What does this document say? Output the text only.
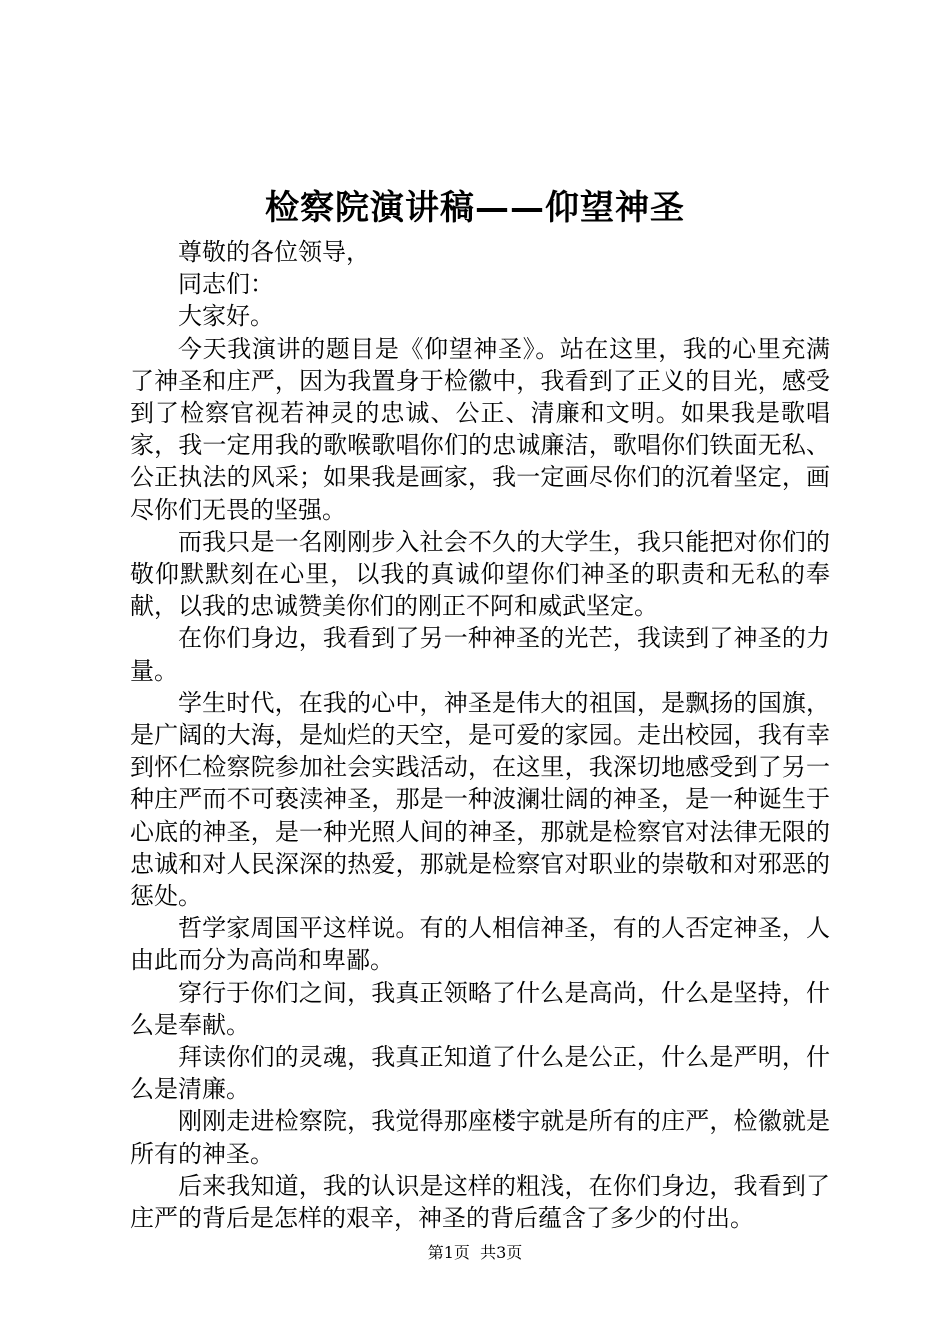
检察院演讲稿——仰望神圣

尊敬的各位领导，

同志们：

大家好。

今天我演讲的题目是《仰望神圣》。站在这里，我的心里充满了神圣和庄严，因为我置身于检徽中，我看到了正义的目光，感受到了检察官视若神灵的忠诚、公正、清廉和文明。如果我是歌唱家，我一定用我的歌喉歌唱你们的忠诚廉洁，歌唱你们铁面无私、公正执法的风采；如果我是画家，我一定画尽你们的沉着坚定，画尽你们无畏的坚强。

而我只是一名刚刚步入社会不久的大学生，我只能把对你们的敬仰默默刻在心里，以我的真诚仰望你们神圣的职责和无私的奉献，以我的忠诚赞美你们的刚正不阿和威武坚定。

在你们身边，我看到了另一种神圣的光芒，我读到了神圣的力量。

学生时代，在我的心中，神圣是伟大的祖国，是飘扬的国旗，是广阔的大海，是灿烂的天空，是可爱的家园。走出校园，我有幸到怀仁检察院参加社会实践活动，在这里，我深切地感受到了另一种庄严而不可亵渎神圣，那是一种波澜壮阔的神圣，是一种诞生于心底的神圣，是一种光照人间的神圣，那就是检察官对法律无限的忠诚和对人民深深的热爱，那就是检察官对职业的崇敬和对邪恶的惩处。

哲学家周国平这样说。有的人相信神圣，有的人否定神圣，人由此而分为高尚和卑鄙。

穿行于你们之间，我真正领略了什么是高尚，什么是坚持，什么是奉献。

拜读你们的灵魂，我真正知道了什么是公正，什么是严明，什么是清廉。

刚刚走进检察院，我觉得那座楼宇就是所有的庄严，检徽就是所有的神圣。

后来我知道，我的认识是这样的粗浅，在你们身边，我看到了庄严的背后是怎样的艰辛，神圣的背后蕴含了多少的付出。

第1页 共3页
